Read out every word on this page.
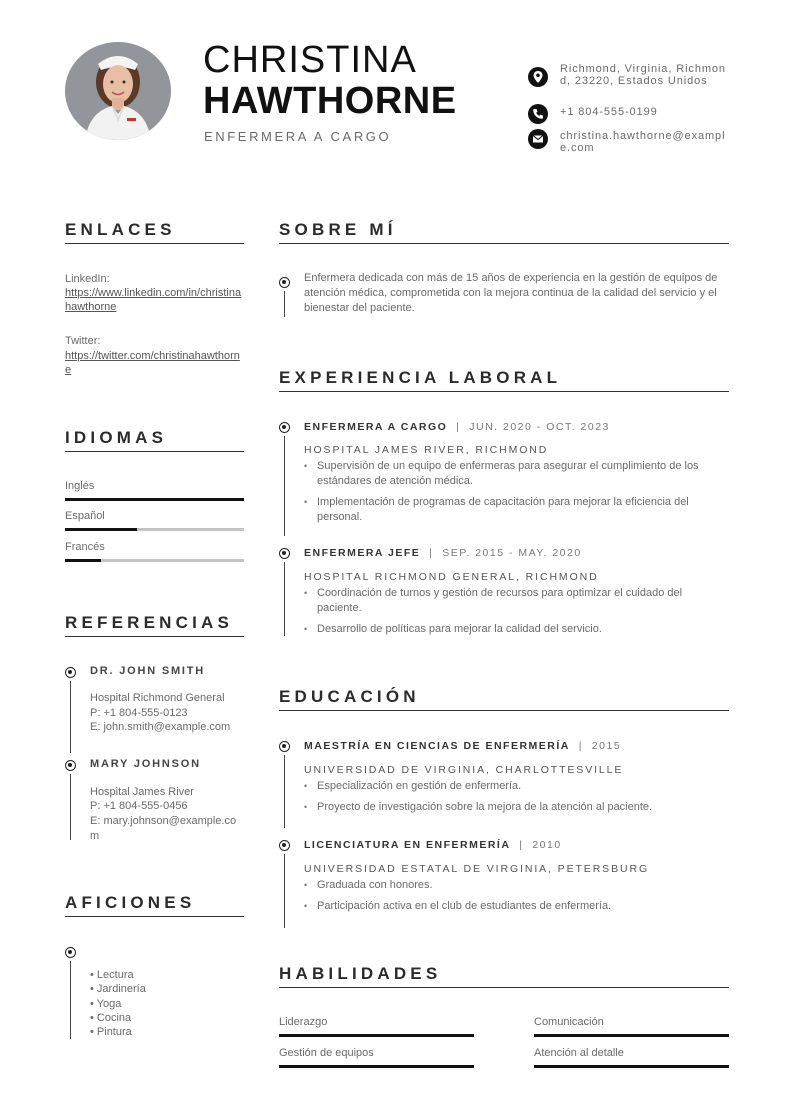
CHRISTINA
HAWTHORNE
ENFERMERA A CARGO
Richmond, Virginia, Richmond, 23220, Estados Unidos
+1 804-555-0199
christina.hawthorne@example.com
ENLACES
LinkedIn:
https://www.linkedin.com/in/christinahawthorne
Twitter:
https://twitter.com/christinahawthorne
IDIOMAS
Inglés
Español
Francés
REFERENCIAS
DR. JOHN SMITH
Hospital Richmond General
P: +1 804-555-0123
E: john.smith@example.com
MARY JOHNSON
Hospital James River
P: +1 804-555-0456
E: mary.johnson@example.com
AFICIONES
• Lectura
• Jardinería
• Yoga
• Cocina
• Pintura
SOBRE MÍ
Enfermera dedicada con más de 15 años de experiencia en la gestión de equipos de atención médica, comprometida con la mejora continua de la calidad del servicio y el bienestar del paciente.
EXPERIENCIA LABORAL
ENFERMERA A CARGO  |  JUN. 2020 - OCT. 2023
HOSPITAL JAMES RIVER, RICHMOND
• Supervisión de un equipo de enfermeras para asegurar el cumplimiento de los estándares de atención médica.
• Implementación de programas de capacitación para mejorar la eficiencia del personal.
ENFERMERA JEFE  |  SEP. 2015 - MAY. 2020
HOSPITAL RICHMOND GENERAL, RICHMOND
• Coordinación de turnos y gestión de recursos para optimizar el cuidado del paciente.
• Desarrollo de políticas para mejorar la calidad del servicio.
EDUCACIÓN
MAESTRÍA EN CIENCIAS DE ENFERMERÍA  |  2015
UNIVERSIDAD DE VIRGINIA, CHARLOTTESVILLE
• Especialización en gestión de enfermería.
• Proyecto de investigación sobre la mejora de la atención al paciente.
LICENCIATURA EN ENFERMERÍA  |  2010
UNIVERSIDAD ESTATAL DE VIRGINIA, PETERSBURG
• Graduada con honores.
• Participación activa en el club de estudiantes de enfermería.
HABILIDADES
Liderazgo	Comunicación
Gestión de equipos	Atención al detalle
